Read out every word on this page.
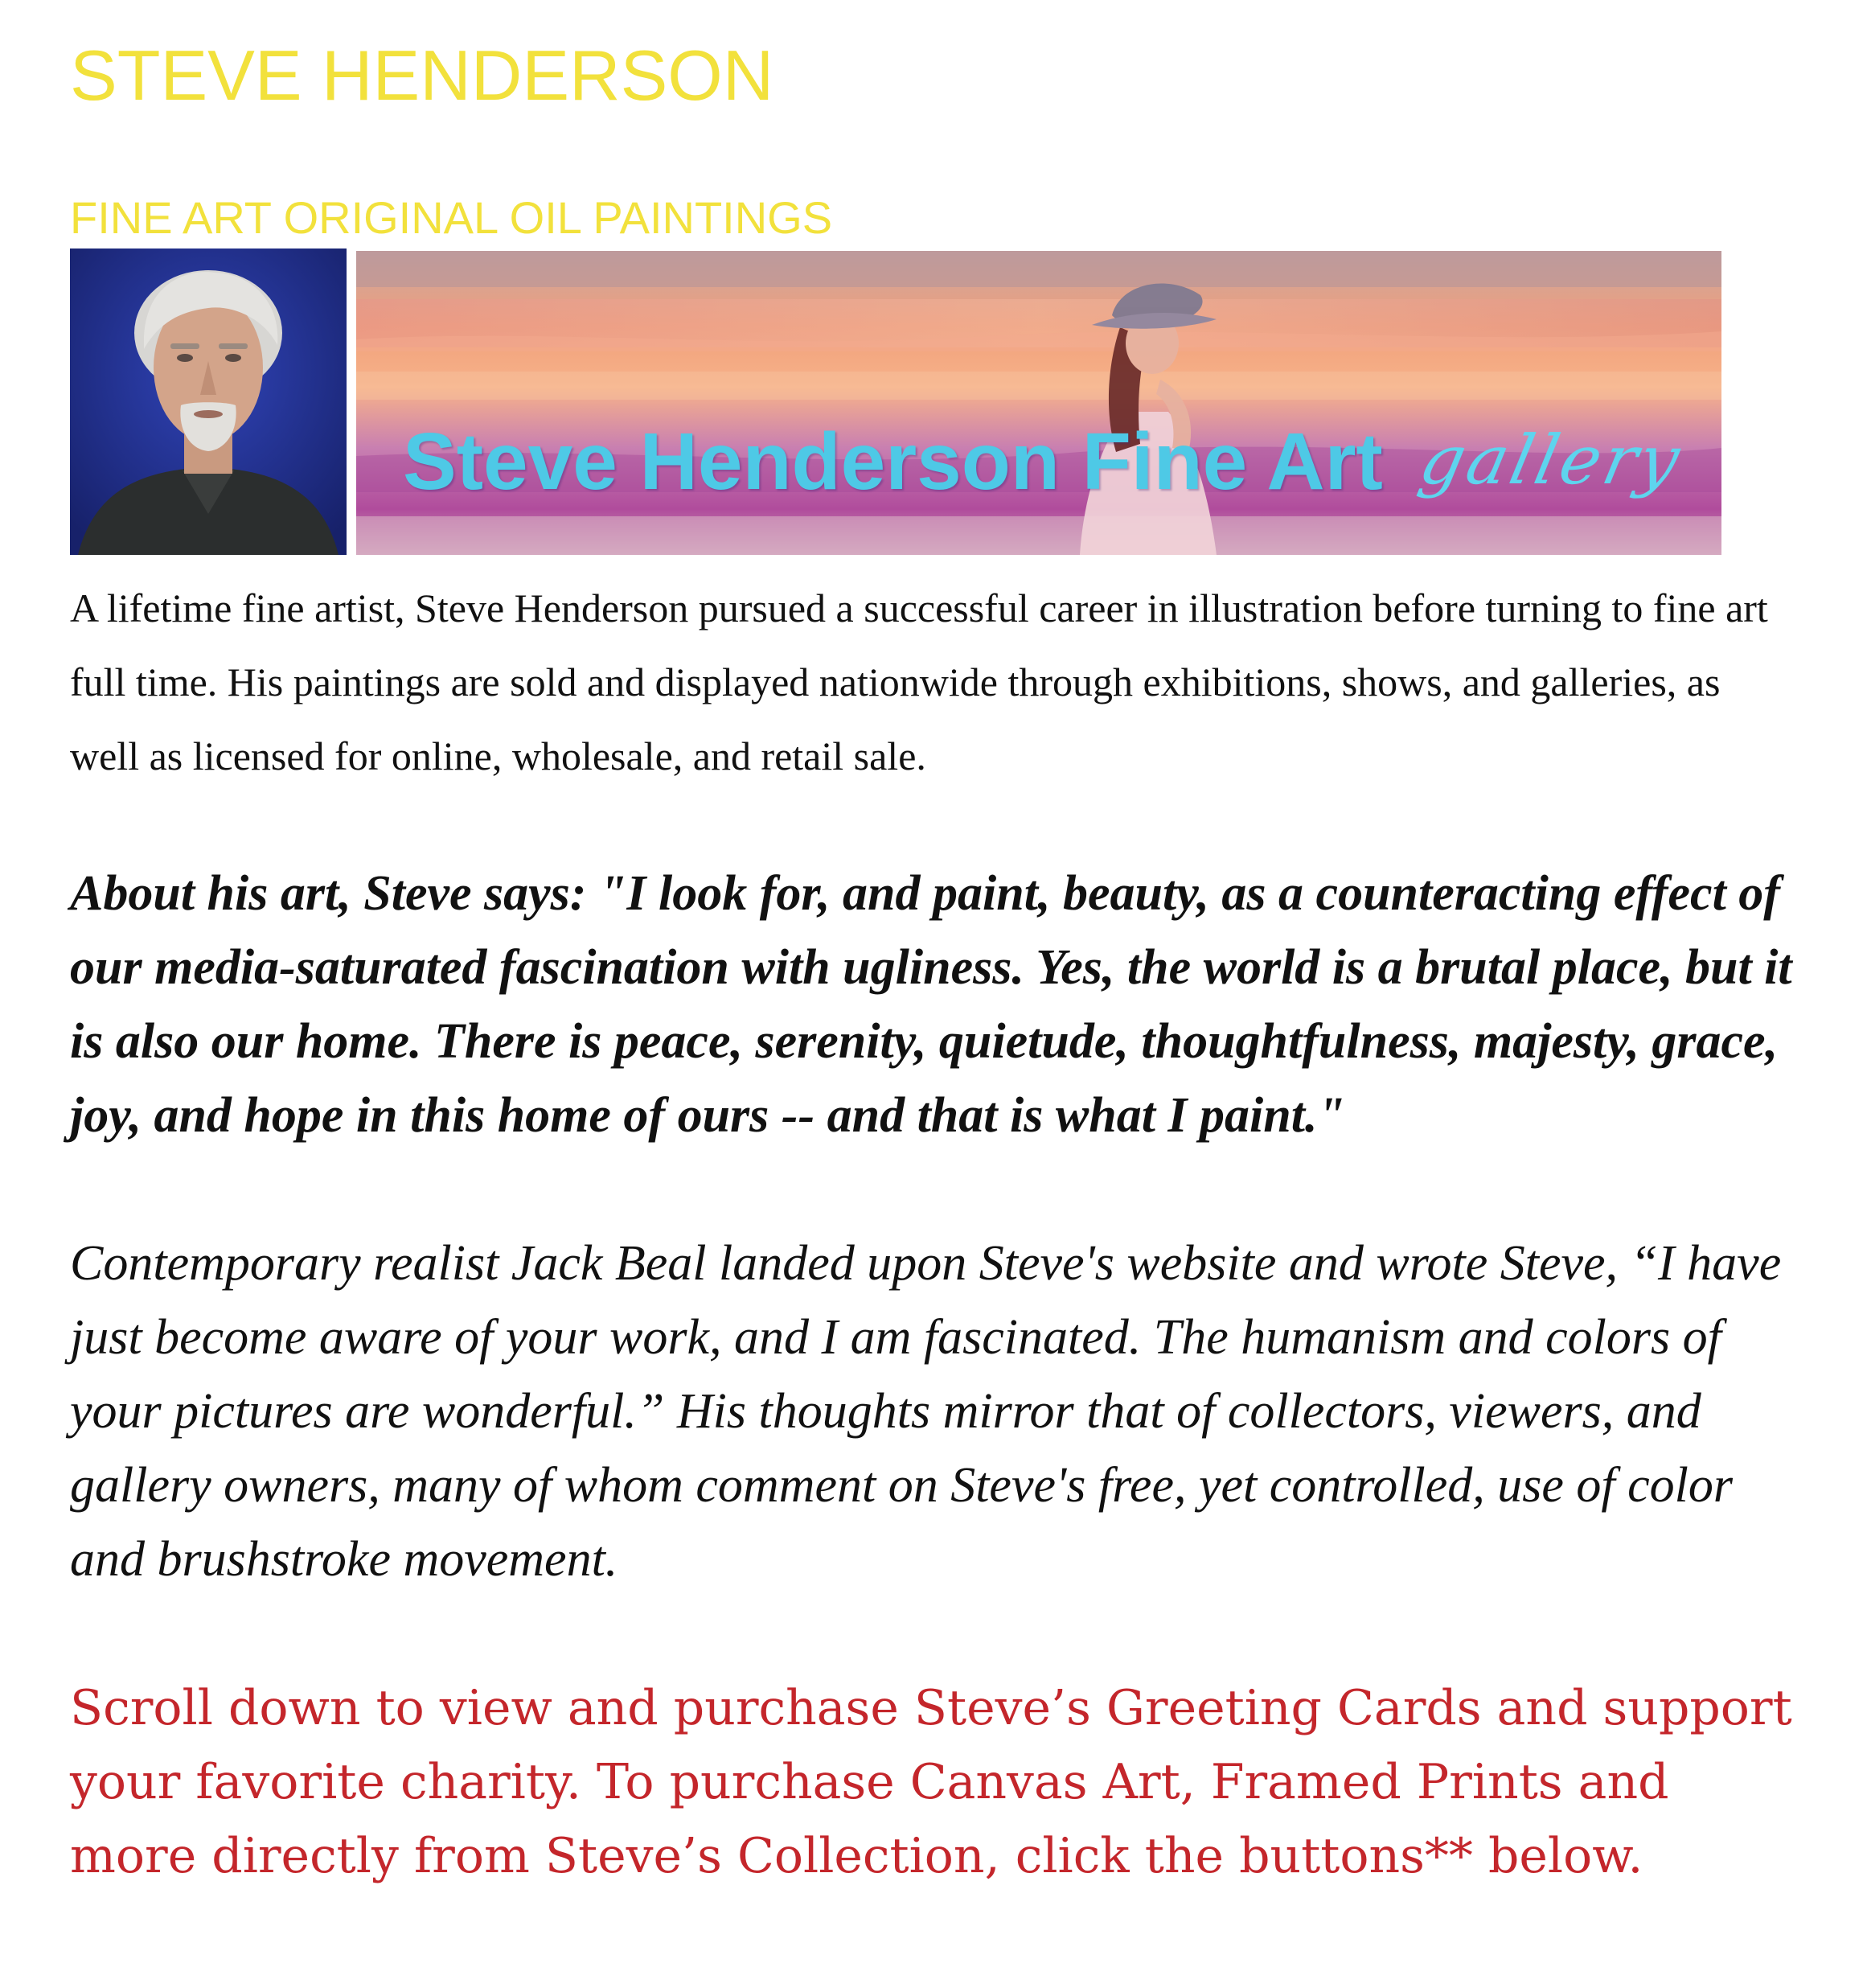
STEVE HENDERSON
FINE ART ORIGINAL OIL PAINTINGS

Steve Henderson Fine Art gallery

A lifetime fine artist, Steve Henderson pursued a successful career in illustration before turning to fine art full time. His paintings are sold and displayed nationwide through exhibitions, shows, and galleries, as well as licensed for online, wholesale, and retail sale.

About his art, Steve says: "I look for, and paint, beauty, as a counteracting effect of our media-saturated fascination with ugliness. Yes, the world is a brutal place, but it is also our home. There is peace, serenity, quietude, thoughtfulness, majesty, grace, joy, and hope in this home of ours -- and that is what I paint."

Contemporary realist Jack Beal landed upon Steve's website and wrote Steve, “I have just become aware of your work, and I am fascinated. The humanism and colors of your pictures are wonderful.” His thoughts mirror that of collectors, viewers, and gallery owners, many of whom comment on Steve's free, yet controlled, use of color and brushstroke movement.

Scroll down to view and purchase Steve’s Greeting Cards and support your favorite charity. To purchase Canvas Art, Framed Prints and more directly from Steve’s Collection, click the buttons** below.
